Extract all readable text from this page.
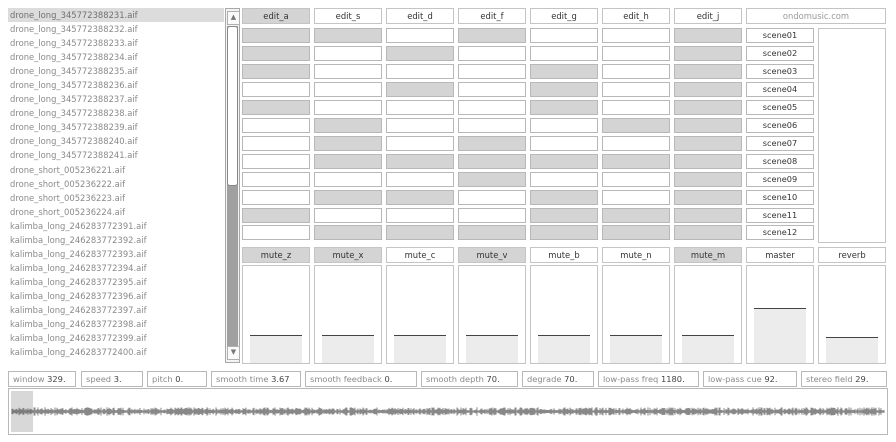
drone_long_345772388231.aif
drone_long_345772388232.aif
drone_long_345772388233.aif
drone_long_345772388234.aif
drone_long_345772388235.aif
drone_long_345772388236.aif
drone_long_345772388237.aif
drone_long_345772388238.aif
drone_long_345772388239.aif
drone_long_345772388240.aif
drone_long_345772388241.aif
drone_short_005236221.aif
drone_short_005236222.aif
drone_short_005236223.aif
drone_short_005236224.aif
kalimba_long_246283772391.aif
kalimba_long_246283772392.aif
kalimba_long_246283772393.aif
kalimba_long_246283772394.aif
kalimba_long_246283772395.aif
kalimba_long_246283772396.aif
kalimba_long_246283772397.aif
kalimba_long_246283772398.aif
kalimba_long_246283772399.aif
kalimba_long_246283772400.aif
▲
▼
ondomusic.com
edit_a	edit_s	edit_d	edit_f	edit_g	edit_h	edit_j
scene01
scene02
scene03
scene04
scene05
scene06
scene07
scene08
scene09
scene10
scene11
scene12
mute_z	mute_x	mute_c	mute_v	mute_b	mute_n	mute_m	master	reverb
window 329.	speed 3.	pitch 0.	smooth time 3.67	smooth feedback 0.	smooth depth 70.	degrade 70.	low-pass freq 1180.	low-pass cue 92.	stereo field 29.
